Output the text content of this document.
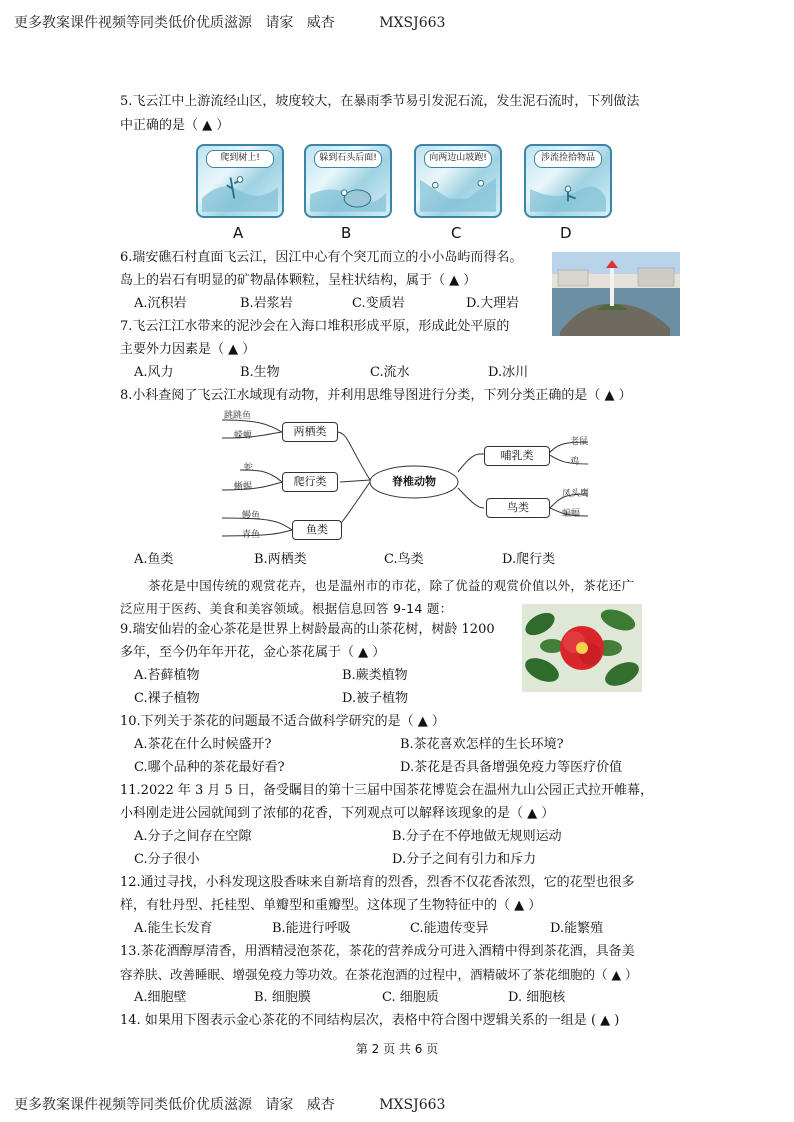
更多教案课件视频等同类低价优质滋源   请家   威杏          MXSJ663
5.飞云江中上游流经山区，坡度较大，在暴雨季节易引发泥石流，发生泥石流时，下列做法
中正确的是（ ▲ ）
爬到树上!	躲到石头后面!	向两边山坡跑!	涉流捡拾物品
A	B	C	D
6.瑞安礁石村直面飞云江，因江中心有个突兀而立的小小岛屿而得名。
岛上的岩石有明显的矿物晶体颗粒，呈柱状结构，属于（ ▲ ）
A.沉积岩	B.岩浆岩	C.变质岩	D.大理岩
7.飞云江江水带来的泥沙会在入海口堆积形成平原，形成此处平原的
主要外力因素是（ ▲ ）
A.风力	B.生物	C.流水	D.冰川
8.小科查阅了飞云江水域现有动物，并利用思维导图进行分类，下列分类正确的是（ ▲ ）
脊椎动物
两栖类
爬行类
鱼类
哺乳类
鸟类
跳跳鱼
蝾螈
蛇
蜥蜴
鳗鱼
青鱼
老鼠
鸡
凤头鹰
蝙蝠
A.鱼类	B.两栖类	C.鸟类	D.爬行类
茶花是中国传统的观赏花卉，也是温州市的市花，除了优益的观赏价值以外，茶花还广
泛应用于医药、美食和美容领域。根据信息回答 9-14 题：
9.瑞安仙岩的金心茶花是世界上树龄最高的山茶花树，树龄 1200
多年，至今仍年年开花，金心茶花属于（ ▲ ）
A.苔藓植物	B.蕨类植物
C.裸子植物	D.被子植物
10.下列关于茶花的问题最不适合做科学研究的是（ ▲ ）
A.茶花在什么时候盛开?	B.茶花喜欢怎样的生长环境?
C.哪个品种的茶花最好看?	D.茶花是否具备增强免疫力等医疗价值
11.2022 年 3 月 5 日，备受瞩目的第十三届中国茶花博览会在温州九山公园正式拉开帷幕，
小科刚走进公园就闻到了浓郁的花香，下列观点可以解释该现象的是（ ▲ ）
A.分子之间存在空隙	B.分子在不停地做无规则运动
C.分子很小	D.分子之间有引力和斥力
12.通过寻找，小科发现这股香味来自新培育的烈香，烈香不仅花香浓烈，它的花型也很多
样，有牡丹型、托桂型、单瓣型和重瓣型。这体现了生物特征中的（ ▲ ）
A.能生长发育	B.能进行呼吸	C.能遗传变异	D.能繁殖
13.茶花酒醇厚清香，用酒精浸泡茶花，茶花的营养成分可进入酒精中得到茶花酒，具备美
容养肤、改善睡眠、增强免疫力等功效。在茶花泡酒的过程中，酒精破坏了茶花细胞的（ ▲ ）
A.细胞壁	B. 细胞膜	C. 细胞质	D. 细胞核
14. 如果用下图表示金心茶花的不同结构层次，表格中符合图中逻辑关系的一组是 ( ▲ )
第 2 页 共 6 页
更多教案课件视频等同类低价优质滋源   请家   威杏          MXSJ663
